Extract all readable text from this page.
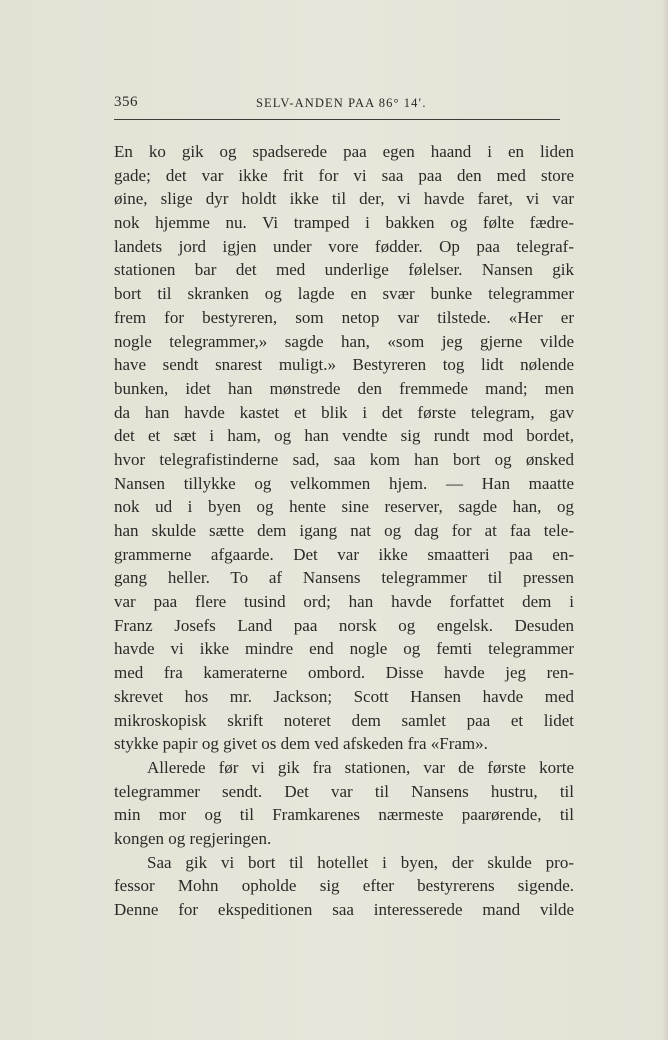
356	SELV-ANDEN PAA 86° 14′.
En ko gik og spadserede paa egen haand i en liden
gade; det var ikke frit for vi saa paa den med store
øine, slige dyr holdt ikke til der, vi havde faret, vi var
nok hjemme nu. Vi tramped i bakken og følte fædre-
landets jord igjen under vore fødder. Op paa telegraf-
stationen bar det med underlige følelser. Nansen gik
bort til skranken og lagde en svær bunke telegrammer
frem for bestyreren, som netop var tilstede. «Her er
nogle telegrammer,» sagde han, «som jeg gjerne vilde
have sendt snarest muligt.» Bestyreren tog lidt nølende
bunken, idet han mønstrede den fremmede mand; men
da han havde kastet et blik i det første telegram, gav
det et sæt i ham, og han vendte sig rundt mod bordet,
hvor telegrafistinderne sad, saa kom han bort og ønsked
Nansen tillykke og velkommen hjem. — Han maatte
nok ud i byen og hente sine reserver, sagde han, og
han skulde sætte dem igang nat og dag for at faa tele-
grammerne afgaarde. Det var ikke smaatteri paa en-
gang heller. To af Nansens telegrammer til pressen
var paa flere tusind ord; han havde forfattet dem i
Franz Josefs Land paa norsk og engelsk. Desuden
havde vi ikke mindre end nogle og femti telegrammer
med fra kameraterne ombord. Disse havde jeg ren-
skrevet hos mr. Jackson; Scott Hansen havde med
mikroskopisk skrift noteret dem samlet paa et lidet
stykke papir og givet os dem ved afskeden fra «Fram».
Allerede før vi gik fra stationen, var de første korte
telegrammer sendt. Det var til Nansens hustru, til
min mor og til Framkarenes nærmeste paarørende, til
kongen og regjeringen.
Saa gik vi bort til hotellet i byen, der skulde pro-
fessor Mohn opholde sig efter bestyrerens sigende.
Denne for ekspeditionen saa interesserede mand vilde
